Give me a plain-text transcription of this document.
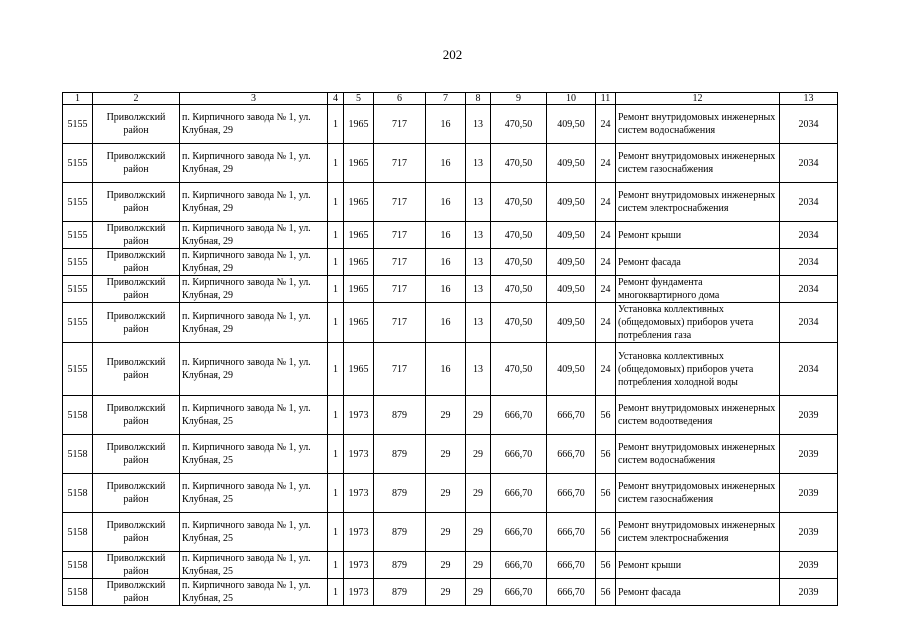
202
1	2	3	4	5	6	7	8	9	10	11	12	13
5155	Приволжский район	п. Кирпичного завода № 1, ул. Клубная, 29	1	1965	717	16	13	470,50	409,50	24	Ремонт внутридомовых инженерных систем водоснабжения	2034
5155	Приволжский район	п. Кирпичного завода № 1, ул. Клубная, 29	1	1965	717	16	13	470,50	409,50	24	Ремонт внутридомовых инженерных систем газоснабжения	2034
5155	Приволжский район	п. Кирпичного завода № 1, ул. Клубная, 29	1	1965	717	16	13	470,50	409,50	24	Ремонт внутридомовых инженерных систем электроснабжения	2034
5155	Приволжский район	п. Кирпичного завода № 1, ул. Клубная, 29	1	1965	717	16	13	470,50	409,50	24	Ремонт крыши	2034
5155	Приволжский район	п. Кирпичного завода № 1, ул. Клубная, 29	1	1965	717	16	13	470,50	409,50	24	Ремонт фасада	2034
5155	Приволжский район	п. Кирпичного завода № 1, ул. Клубная, 29	1	1965	717	16	13	470,50	409,50	24	Ремонт фундамента многоквартирного дома	2034
5155	Приволжский район	п. Кирпичного завода № 1, ул. Клубная, 29	1	1965	717	16	13	470,50	409,50	24	Установка коллективных (общедомовых) приборов учета потребления газа	2034
5155	Приволжский район	п. Кирпичного завода № 1, ул. Клубная, 29	1	1965	717	16	13	470,50	409,50	24	Установка коллективных (общедомовых) приборов учета потребления холодной воды	2034
5158	Приволжский район	п. Кирпичного завода № 1, ул. Клубная, 25	1	1973	879	29	29	666,70	666,70	56	Ремонт внутридомовых инженерных систем водоотведения	2039
5158	Приволжский район	п. Кирпичного завода № 1, ул. Клубная, 25	1	1973	879	29	29	666,70	666,70	56	Ремонт внутридомовых инженерных систем водоснабжения	2039
5158	Приволжский район	п. Кирпичного завода № 1, ул. Клубная, 25	1	1973	879	29	29	666,70	666,70	56	Ремонт внутридомовых инженерных систем газоснабжения	2039
5158	Приволжский район	п. Кирпичного завода № 1, ул. Клубная, 25	1	1973	879	29	29	666,70	666,70	56	Ремонт внутридомовых инженерных систем электроснабжения	2039
5158	Приволжский район	п. Кирпичного завода № 1, ул. Клубная, 25	1	1973	879	29	29	666,70	666,70	56	Ремонт крыши	2039
5158	Приволжский район	п. Кирпичного завода № 1, ул. Клубная, 25	1	1973	879	29	29	666,70	666,70	56	Ремонт фасада	2039
